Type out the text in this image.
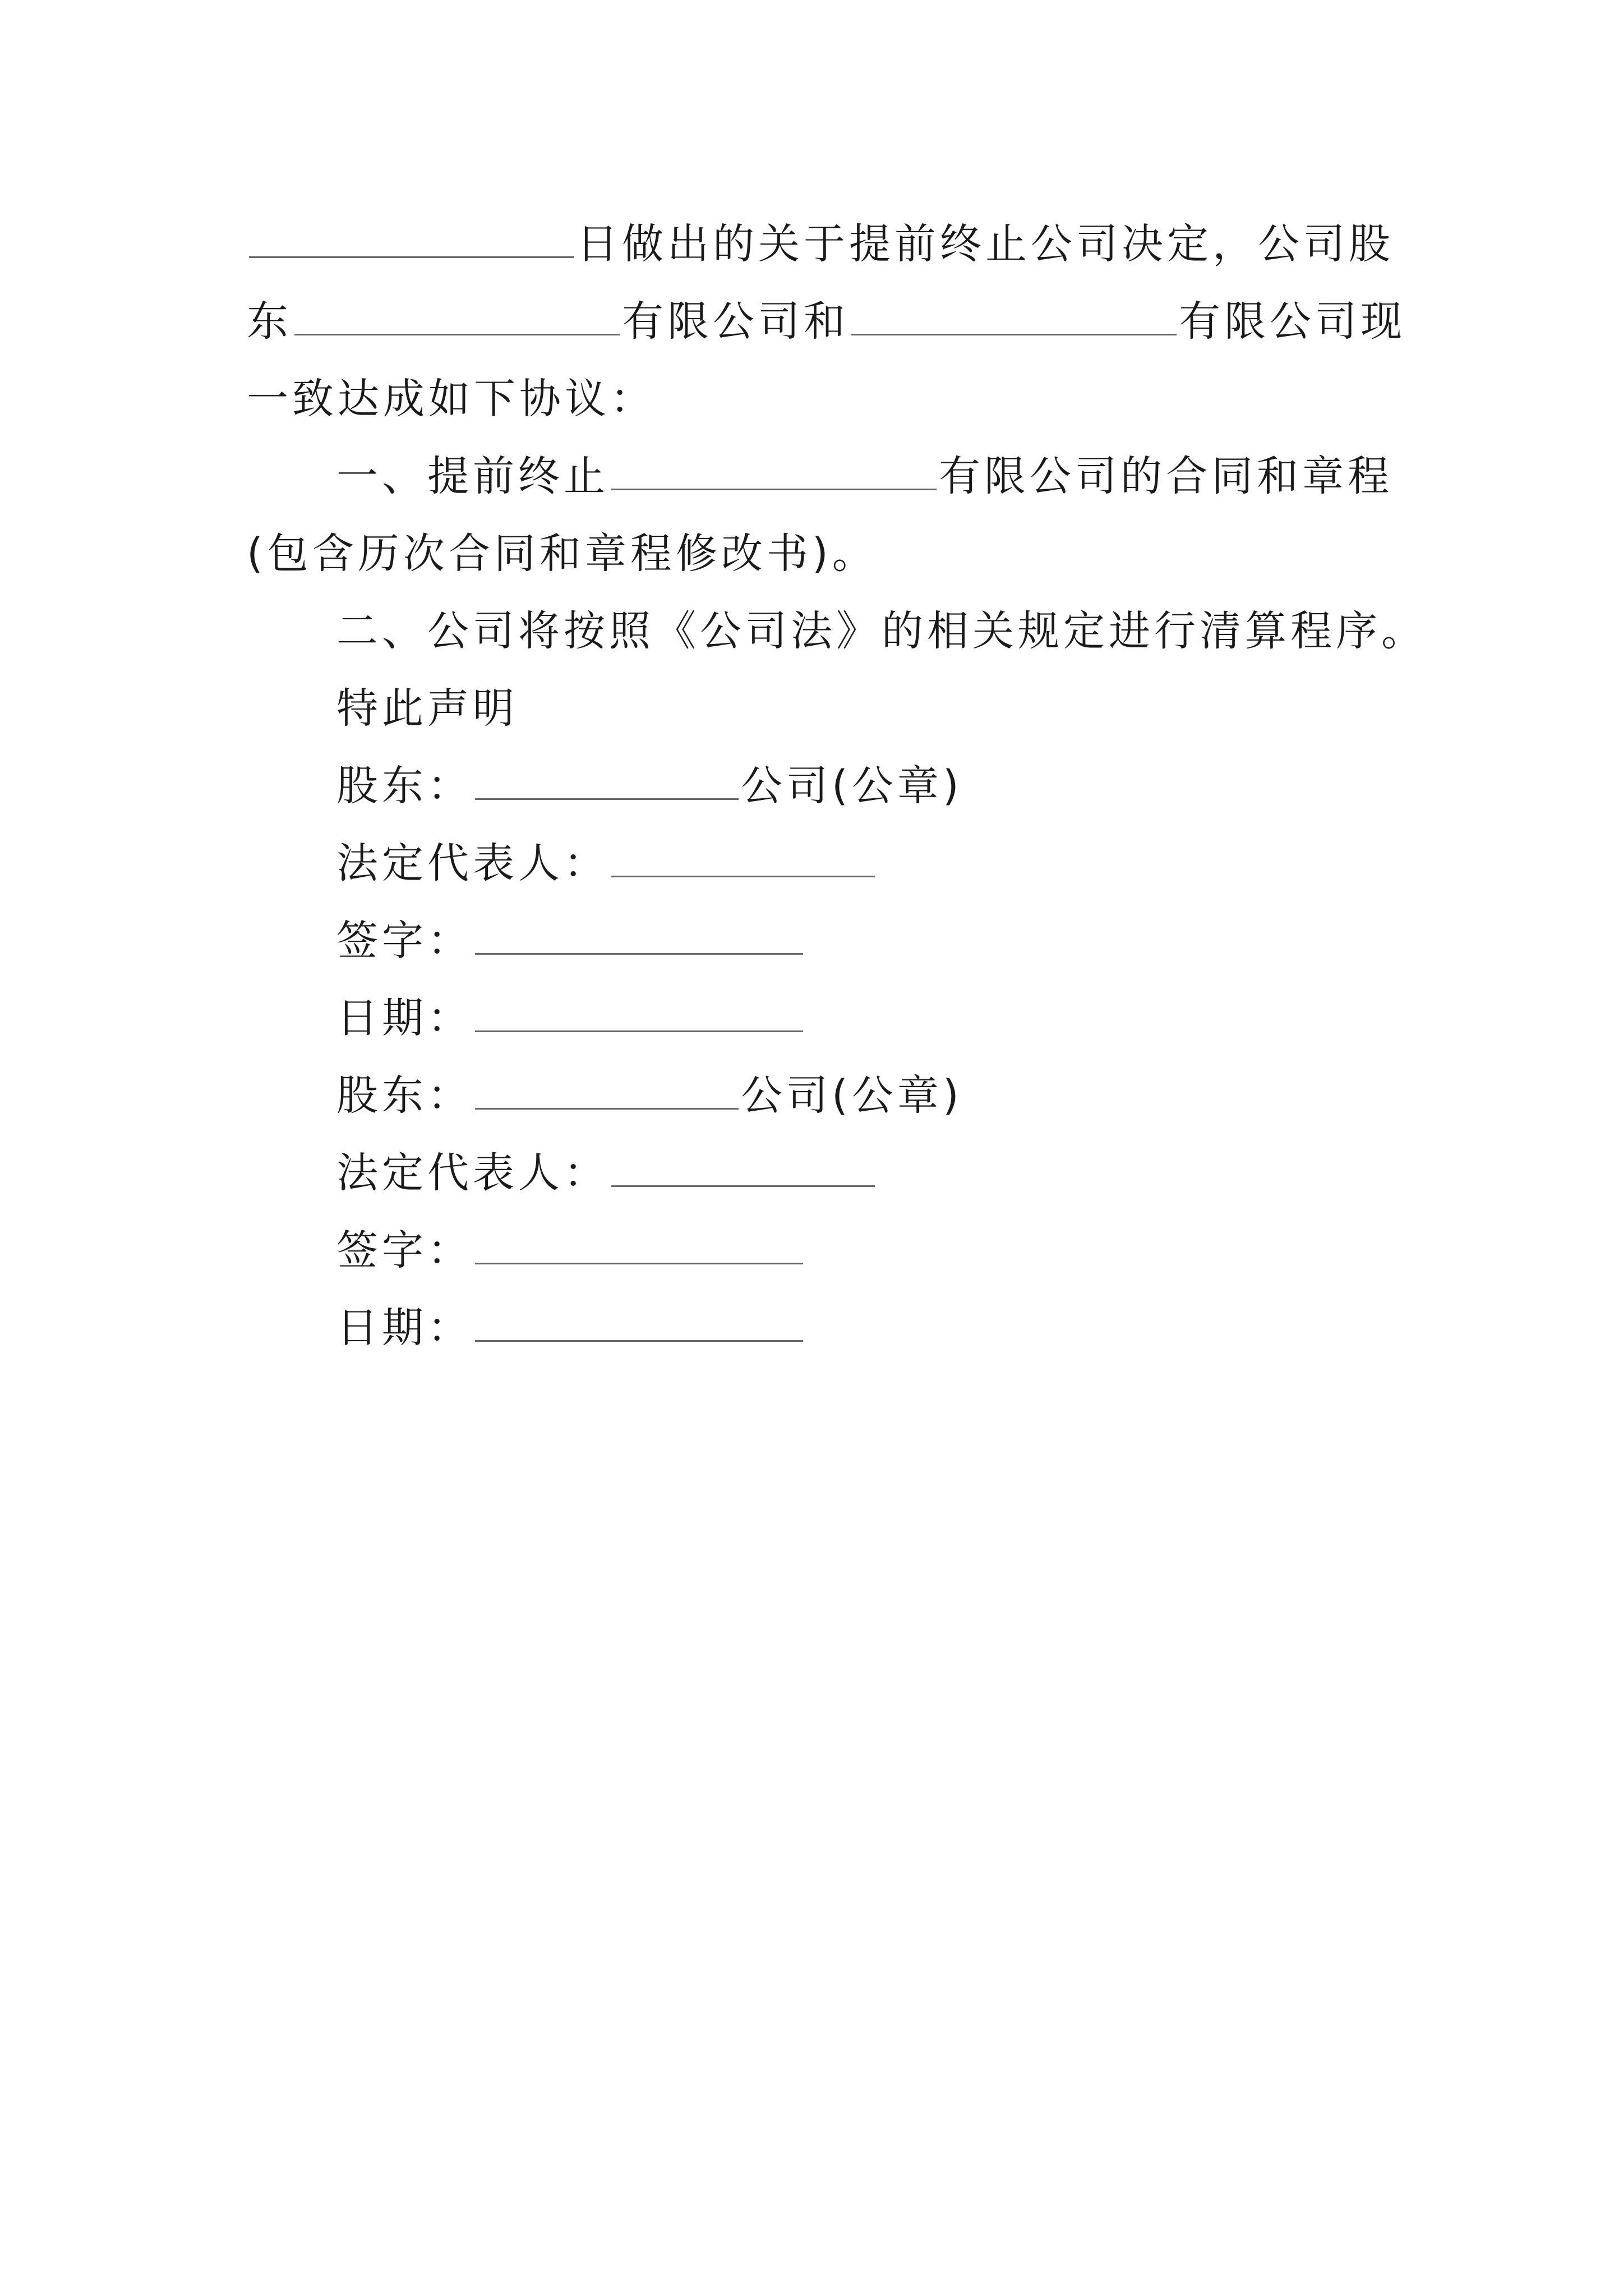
日做出的关于提前终止公司决定，公司股
东	有限公司和	有限公司现
一致达成如下协议：
一、提前终止	有限公司的合同和章程
(包含历次合同和章程修改书)。
二、公司将按照《公司法》的相关规定进行清算程序。
特此声明
股东：	公司(公章)
法定代表人：
签字：
日期：
股东：	公司(公章)
法定代表人：
签字：
日期：
